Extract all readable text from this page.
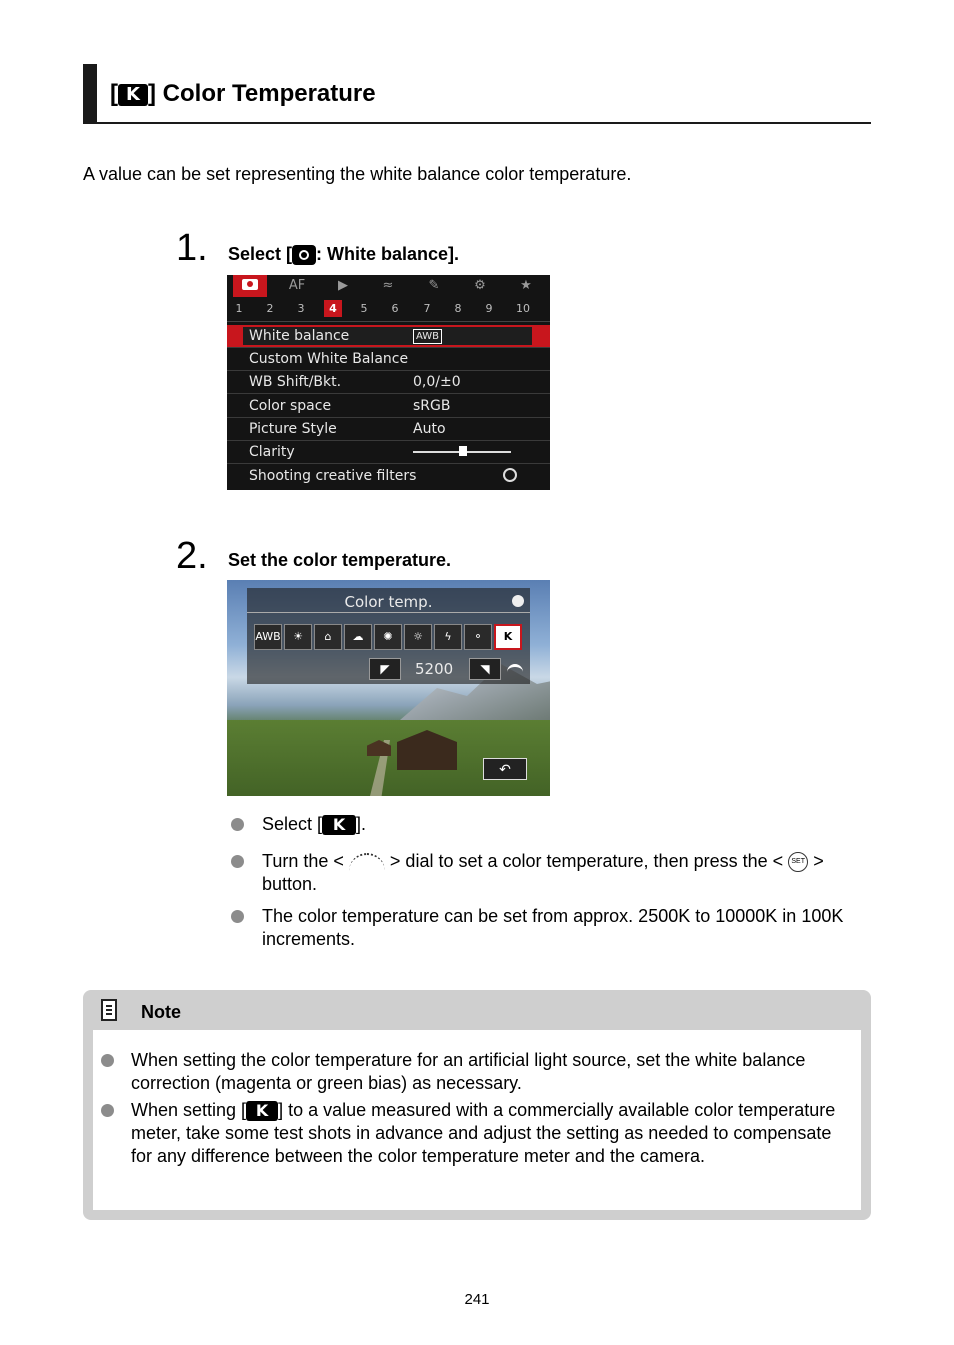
[ K ] Color Temperature
A value can be set representing the white balance color temperature.
1. Select [ : White balance].
AF	▶	≈	✎	⚙	★
1	2	3	4	5	6	7	8	9	10
White balance	AWB
Custom White Balance
WB Shift/Bkt.	0,0/±0
Color space	sRGB
Picture Style	Auto
Clarity
Shooting creative filters
2. Set the color temperature.
Color temp.
AWB	☀	⌂	☁	✺	☼	ϟ	⚬	K
◤	5200	◥
↶
Select [ K ].
Turn the <	> dial to set a color temperature, then press the < SET > button.
The color temperature can be set from approx. 2500K to 10000K in 100K increments.
Note
When setting the color temperature for an artificial light source, set the white balance correction (magenta or green bias) as necessary.
When setting [ K ] to a value measured with a commercially available color temperature meter, take some test shots in advance and adjust the setting as needed to compensate for any difference between the color temperature meter and the camera.
241
